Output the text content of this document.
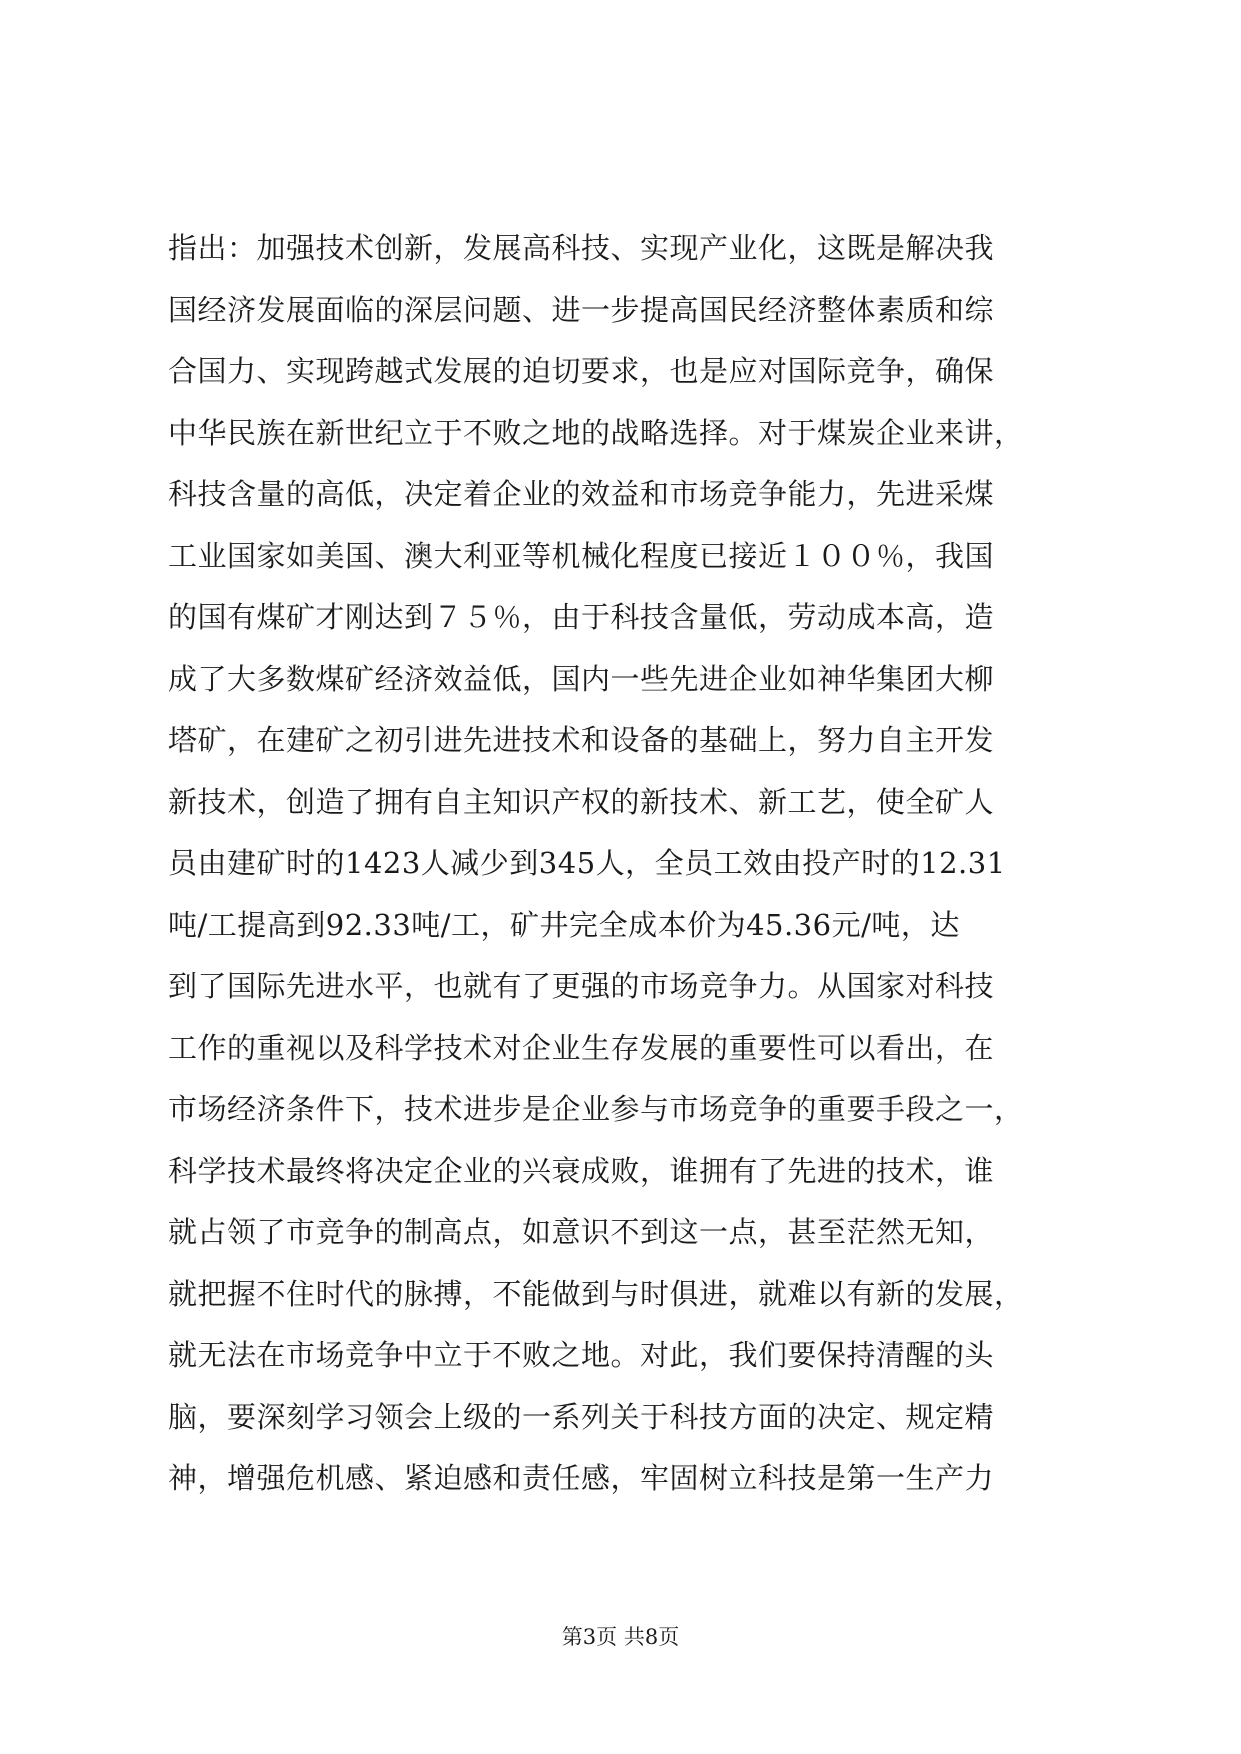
指出：加强技术创新，发展高科技、实现产业化，这既是解决我
国经济发展面临的深层问题、进一步提高国民经济整体素质和综
合国力、实现跨越式发展的迫切要求，也是应对国际竞争，确保
中华民族在新世纪立于不败之地的战略选择。对于煤炭企业来讲，
科技含量的高低，决定着企业的效益和市场竞争能力，先进采煤
工业国家如美国、澳大利亚等机械化程度已接近１００％，我国
的国有煤矿才刚达到７５％，由于科技含量低，劳动成本高，造
成了大多数煤矿经济效益低，国内一些先进企业如神华集团大柳
塔矿，在建矿之初引进先进技术和设备的基础上，努力自主开发
新技术，创造了拥有自主知识产权的新技术、新工艺，使全矿人
员由建矿时的1423人减少到345人，全员工效由投产时的12.31
吨/工提高到92.33吨/工，矿井完全成本价为45.36元/吨，达
到了国际先进水平，也就有了更强的市场竞争力。从国家对科技
工作的重视以及科学技术对企业生存发展的重要性可以看出，在
市场经济条件下，技术进步是企业参与市场竞争的重要手段之一，
科学技术最终将决定企业的兴衰成败，谁拥有了先进的技术，谁
就占领了市竞争的制高点，如意识不到这一点，甚至茫然无知，
就把握不住时代的脉搏，不能做到与时俱进，就难以有新的发展，
就无法在市场竞争中立于不败之地。对此，我们要保持清醒的头
脑，要深刻学习领会上级的一系列关于科技方面的决定、规定精
神，增强危机感、紧迫感和责任感，牢固树立科技是第一生产力
第3页 共8页
